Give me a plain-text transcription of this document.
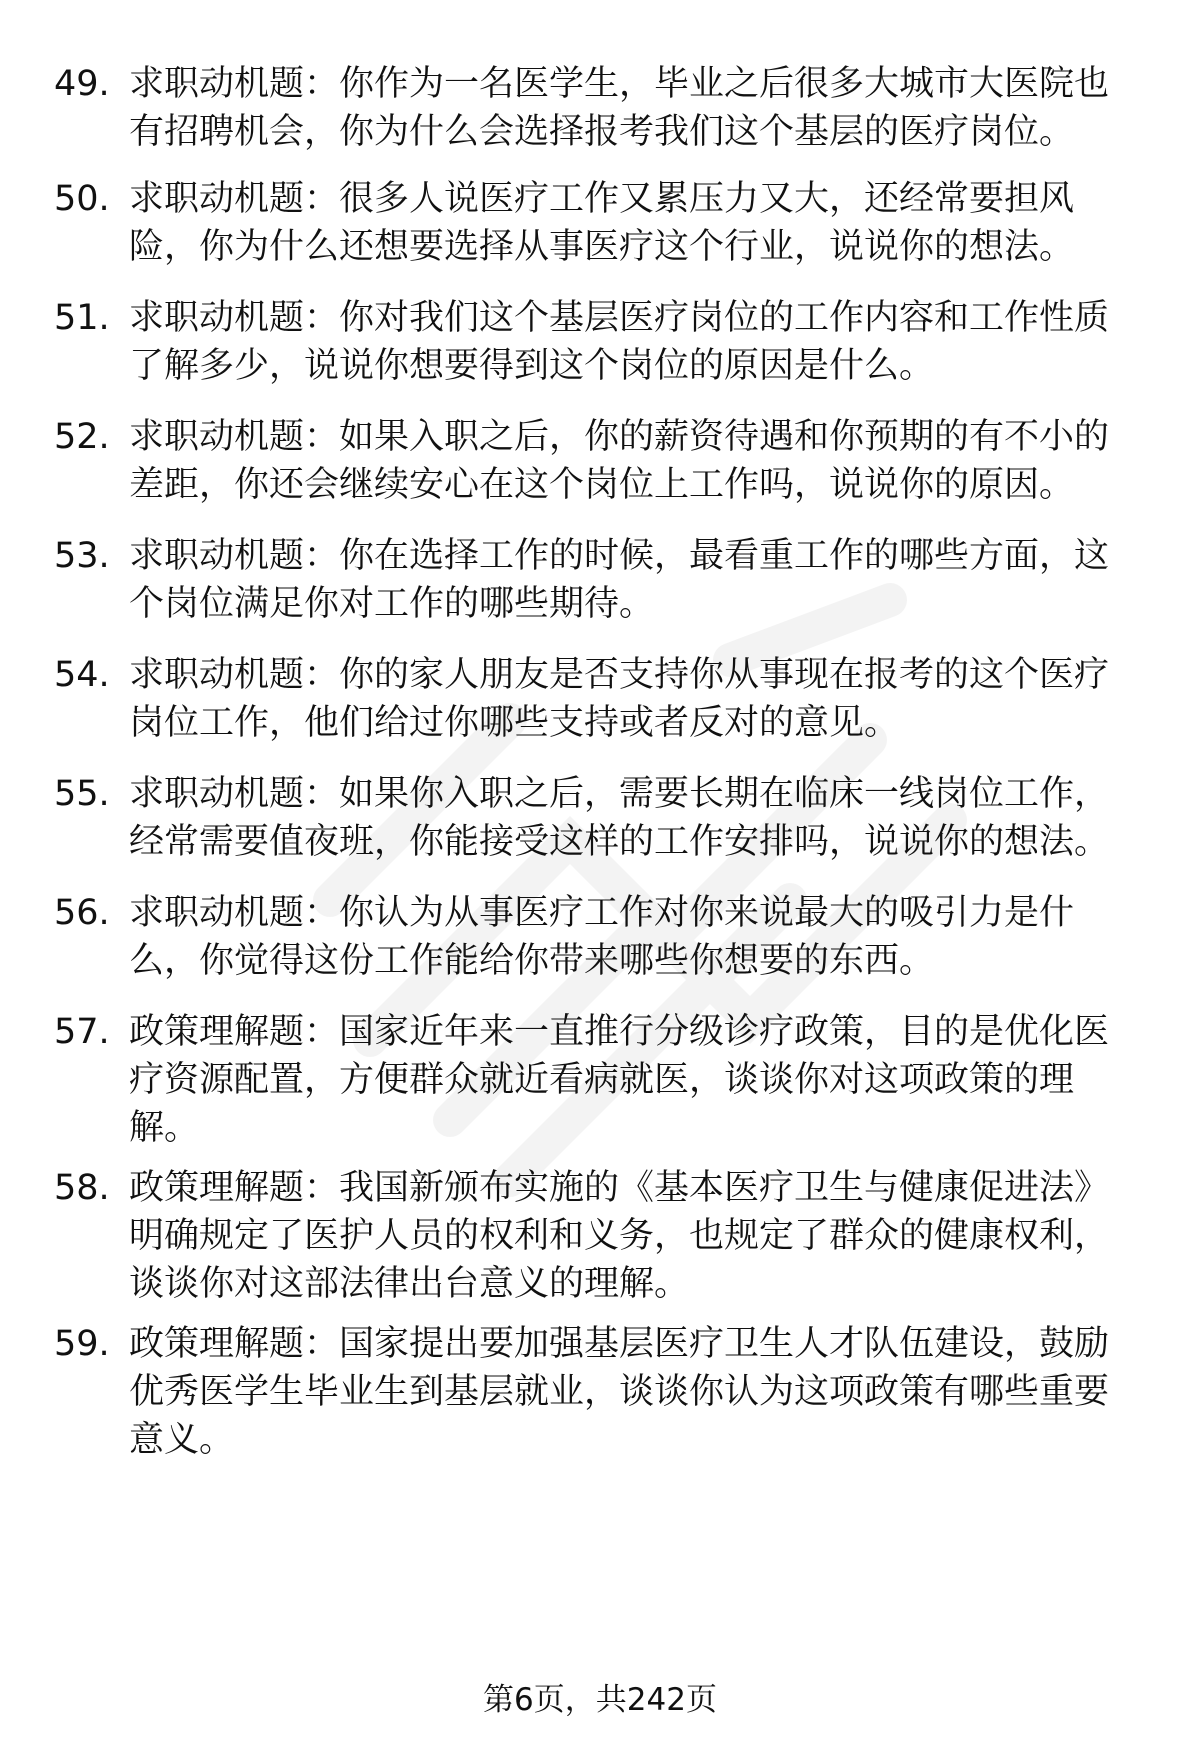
49. 求职动机题：你作为一名医学生，毕业之后很多大城市大医院也
有招聘机会，你为什么会选择报考我们这个基层的医疗岗位。
50. 求职动机题：很多人说医疗工作又累压力又大，还经常要担风
险，你为什么还想要选择从事医疗这个行业，说说你的想法。
51. 求职动机题：你对我们这个基层医疗岗位的工作内容和工作性质
了解多少，说说你想要得到这个岗位的原因是什么。
52. 求职动机题：如果入职之后，你的薪资待遇和你预期的有不小的
差距，你还会继续安心在这个岗位上工作吗，说说你的原因。
53. 求职动机题：你在选择工作的时候，最看重工作的哪些方面，这
个岗位满足你对工作的哪些期待。
54. 求职动机题：你的家人朋友是否支持你从事现在报考的这个医疗
岗位工作，他们给过你哪些支持或者反对的意见。
55. 求职动机题：如果你入职之后，需要长期在临床一线岗位工作，
经常需要值夜班，你能接受这样的工作安排吗，说说你的想法。
56. 求职动机题：你认为从事医疗工作对你来说最大的吸引力是什
么，你觉得这份工作能给你带来哪些你想要的东西。
57. 政策理解题：国家近年来一直推行分级诊疗政策，目的是优化医
疗资源配置，方便群众就近看病就医，谈谈你对这项政策的理
解。
58. 政策理解题：我国新颁布实施的《基本医疗卫生与健康促进法》
明确规定了医护人员的权利和义务，也规定了群众的健康权利，
谈谈你对这部法律出台意义的理解。
59. 政策理解题：国家提出要加强基层医疗卫生人才队伍建设，鼓励
优秀医学生毕业生到基层就业，谈谈你认为这项政策有哪些重要
意义。
第6页，共242页
